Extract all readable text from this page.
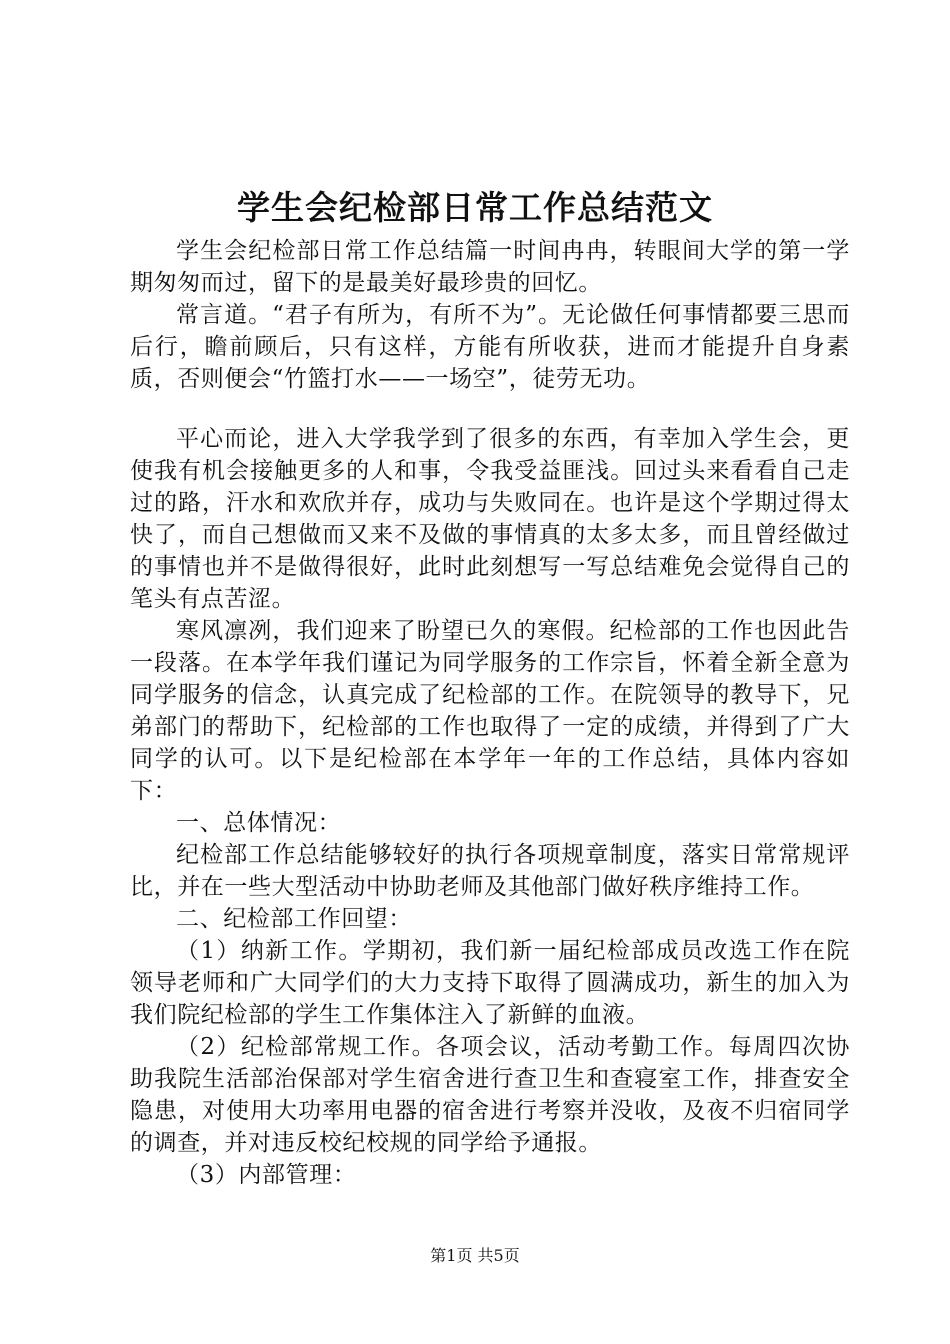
学生会纪检部日常工作总结范文

学生会纪检部日常工作总结篇一时间冉冉，转眼间大学的第一学期匆匆而过，留下的是最美好最珍贵的回忆。

常言道。“君子有所为，有所不为”。无论做任何事情都要三思而后行，瞻前顾后，只有这样，方能有所收获，进而才能提升自身素质，否则便会“竹篮打水——一场空”，徒劳无功。

平心而论，进入大学我学到了很多的东西，有幸加入学生会，更使我有机会接触更多的人和事，令我受益匪浅。回过头来看看自己走过的路，汗水和欢欣并存，成功与失败同在。也许是这个学期过得太快了，而自己想做而又来不及做的事情真的太多太多，而且曾经做过的事情也并不是做得很好，此时此刻想写一写总结难免会觉得自己的笔头有点苦涩。

寒风凛冽，我们迎来了盼望已久的寒假。纪检部的工作也因此告一段落。在本学年我们谨记为同学服务的工作宗旨，怀着全新全意为同学服务的信念，认真完成了纪检部的工作。在院领导的教导下，兄弟部门的帮助下，纪检部的工作也取得了一定的成绩，并得到了广大同学的认可。以下是纪检部在本学年一年的工作总结，具体内容如下：

一、总体情况：

纪检部工作总结能够较好的执行各项规章制度，落实日常常规评比，并在一些大型活动中协助老师及其他部门做好秩序维持工作。

二、纪检部工作回望：

（1）纳新工作。学期初，我们新一届纪检部成员改选工作在院领导老师和广大同学们的大力支持下取得了圆满成功，新生的加入为我们院纪检部的学生工作集体注入了新鲜的血液。

（2）纪检部常规工作。各项会议，活动考勤工作。每周四次协助我院生活部治保部对学生宿舍进行查卫生和查寝室工作，排查安全隐患，对使用大功率用电器的宿舍进行考察并没收，及夜不归宿同学的调查，并对违反校纪校规的同学给予通报。

（3）内部管理：

第1页 共5页
